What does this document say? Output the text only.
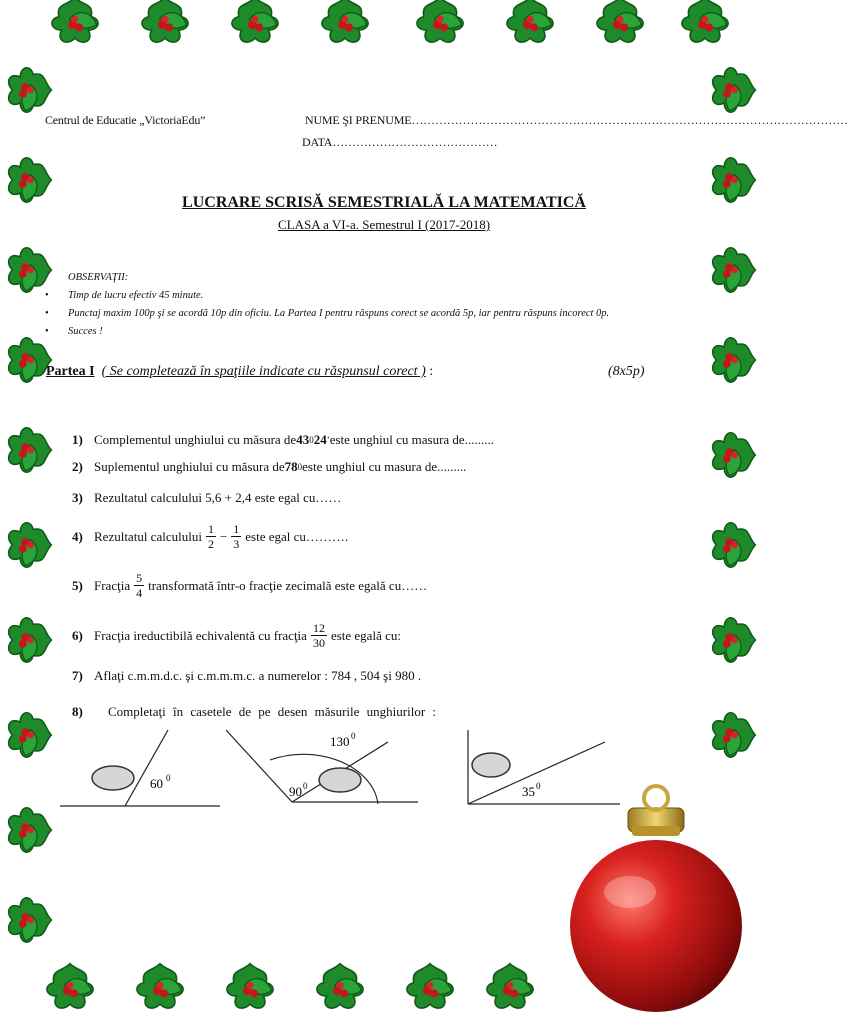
Centrul de Educatie „VictoriaEdu”	NUME ŞI PRENUME…………………………………………………………………………………………………
DATA……………………………………
LUCRARE SCRISĂ SEMESTRIALĂ LA MATEMATICĂ
CLASA a VI-a. Semestrul I (2017-2018)
OBSERVAŢII:
• Timp de lucru efectiv 45 minute.
• Punctaj maxim 100p şi se acordă 10p din oficiu. La Partea I pentru răspuns corect se acordă 5p, iar pentru răspuns incorect 0p.
• Succes !
Partea I ( Se completează în spaţiile indicate cu răspunsul corect ) :	(8x5p)
1) Complementul unghiului cu măsura de 43 0 24 ’ este unghiul cu masura de.........
2) Suplementul unghiului cu măsura de 78 0 este unghiul cu masura de.........
3) Rezultatul calculului 5,6 + 2,4 este egal cu……
4) Rezultatul calculului $\frac{1}{2} - \frac{1}{3}$ este egal cu……….
5) Fracţia $\frac{5}{4}$ transformată într-o fracţie zecimală este egală cu……
6) Fracţia ireductibilă echivalentă cu fracţia $\frac{12}{30}$ este egală cu:
7) Aflaţi c.m.m.d.c. şi c.m.m.m.c. a numerelor : 784 , 504 şi 980 .
8)	Completaţi în casetele de pe desen măsurile unghiurilor :
60 0
90 0
130 0
35 0
